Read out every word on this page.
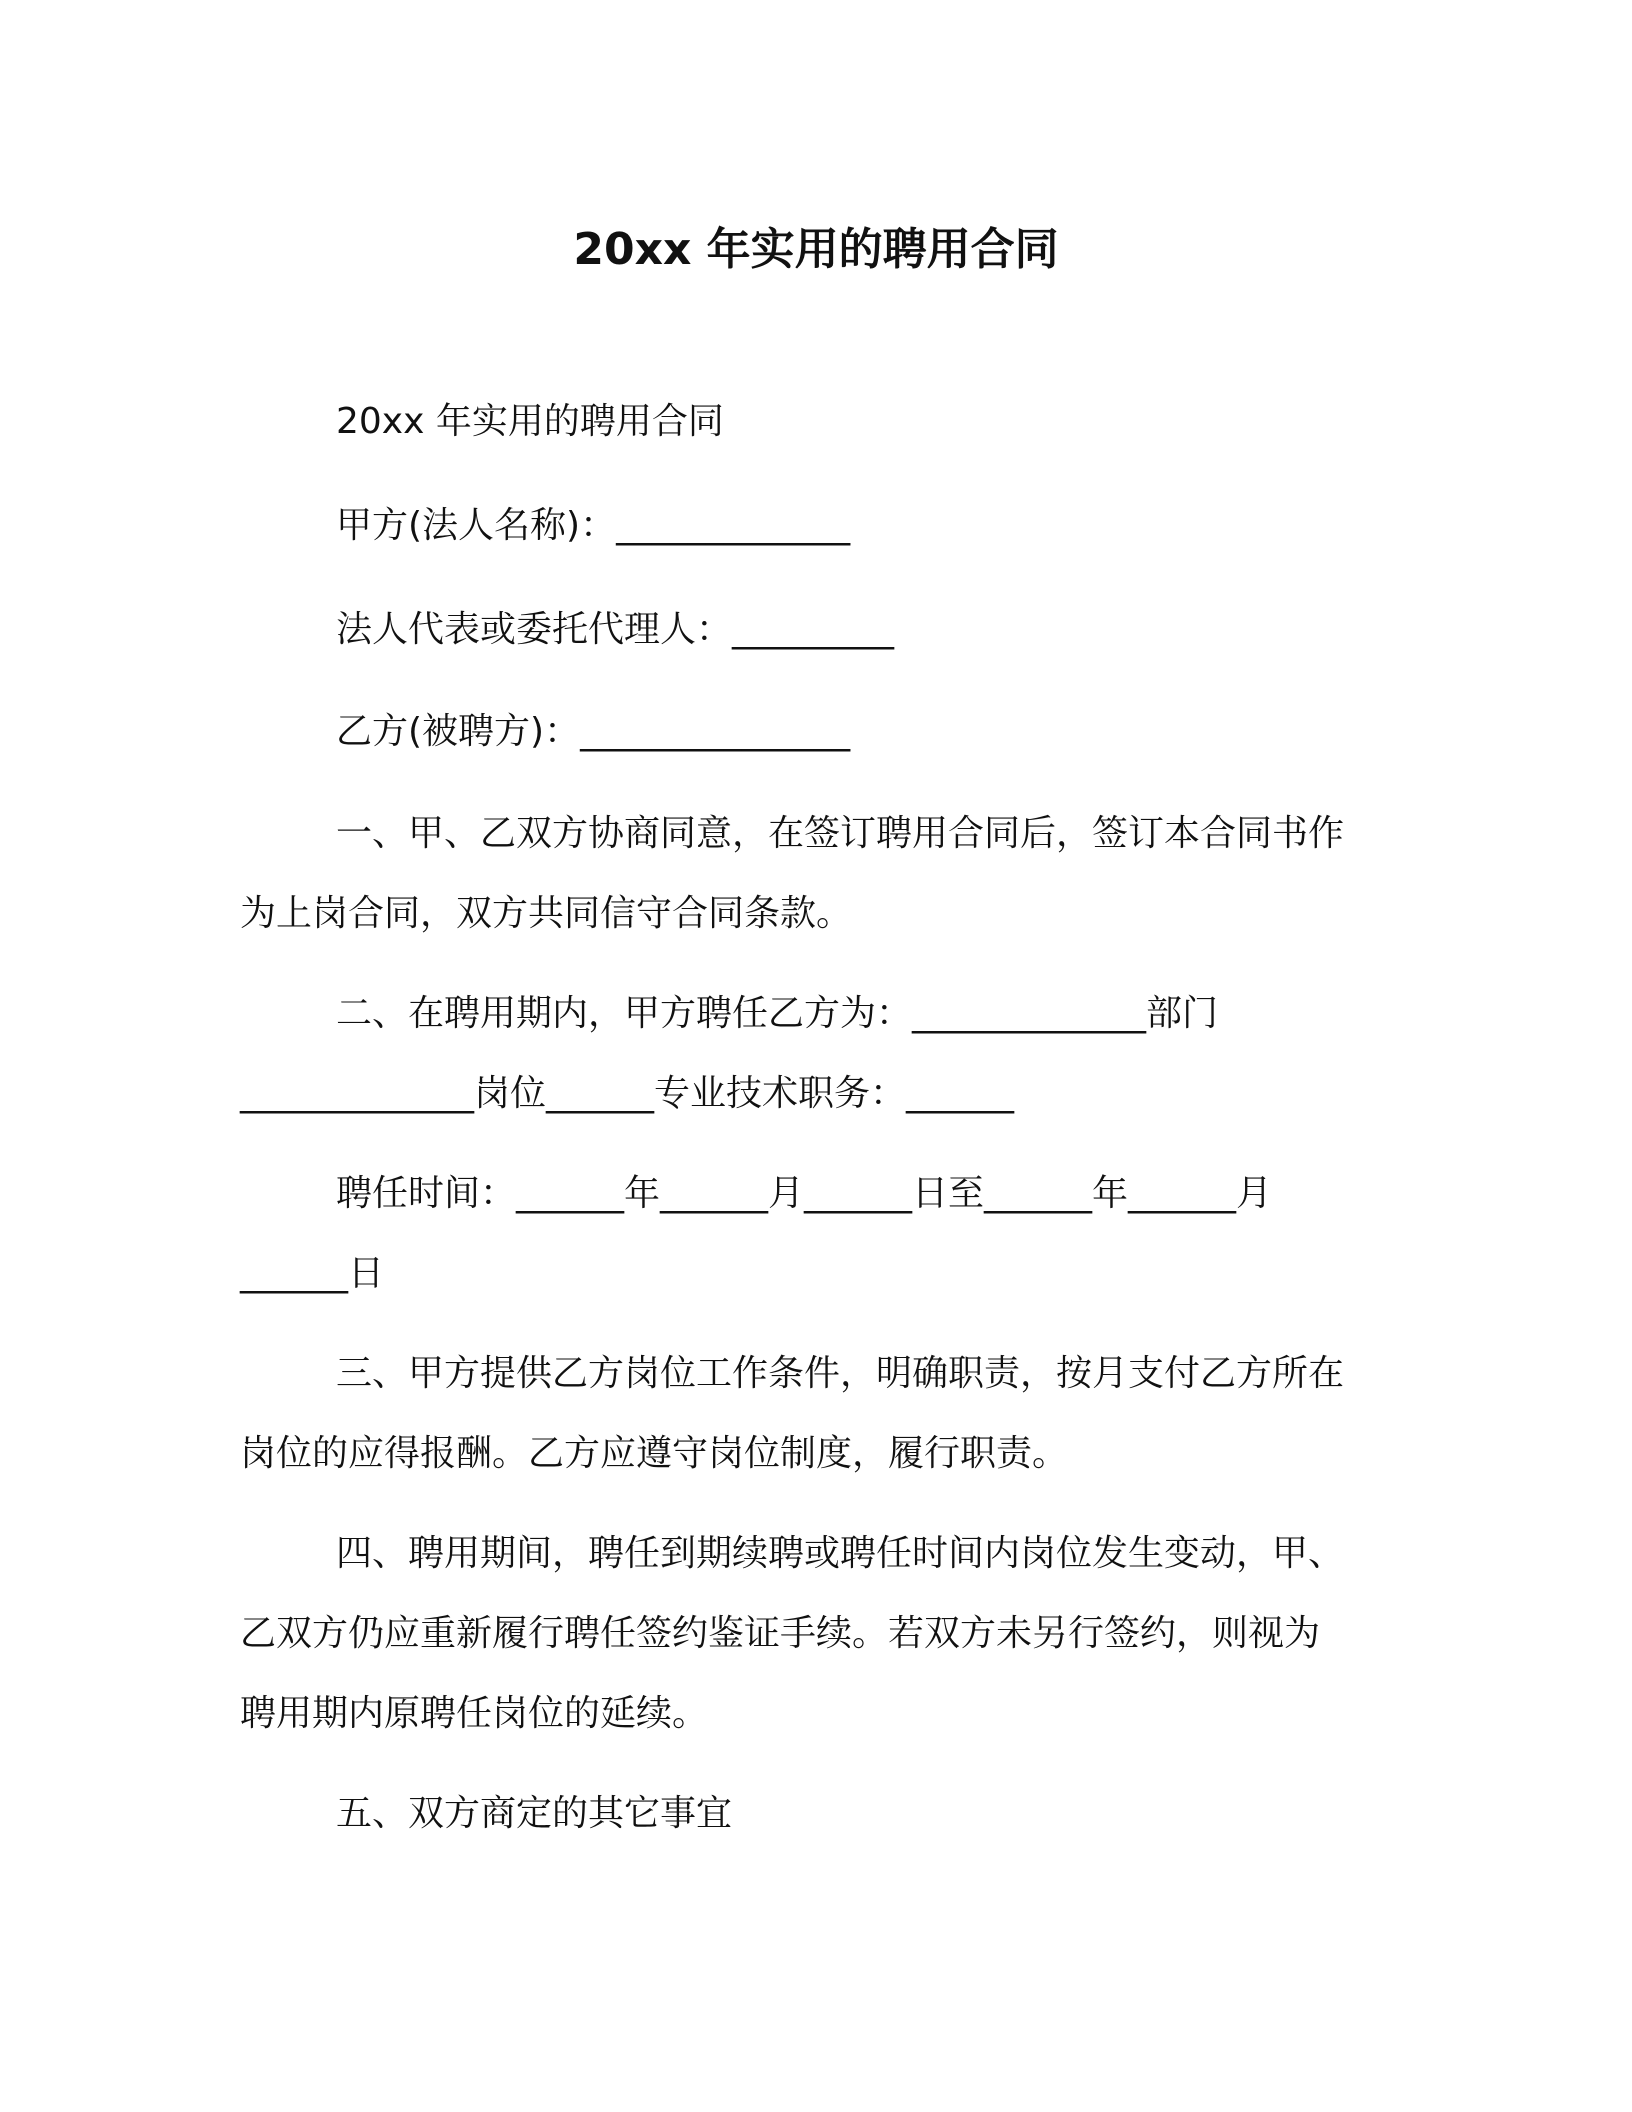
20xx 年实用的聘用合同

20xx 年实用的聘用合同

甲方(法人名称)：_____________

法人代表或委托代理人：_________

乙方(被聘方)：_______________

一、甲、乙双方协商同意，在签订聘用合同后，签订本合同书作

为上岗合同，双方共同信守合同条款。

二、在聘用期内，甲方聘任乙方为：_____________部门

_____________岗位______专业技术职务：______

聘任时间：______年______月______日至______年______月

______日

三、甲方提供乙方岗位工作条件，明确职责，按月支付乙方所在

岗位的应得报酬。乙方应遵守岗位制度，履行职责。

四、聘用期间，聘任到期续聘或聘任时间内岗位发生变动，甲、

乙双方仍应重新履行聘任签约鉴证手续。若双方未另行签约，则视为

聘用期内原聘任岗位的延续。

五、双方商定的其它事宜
